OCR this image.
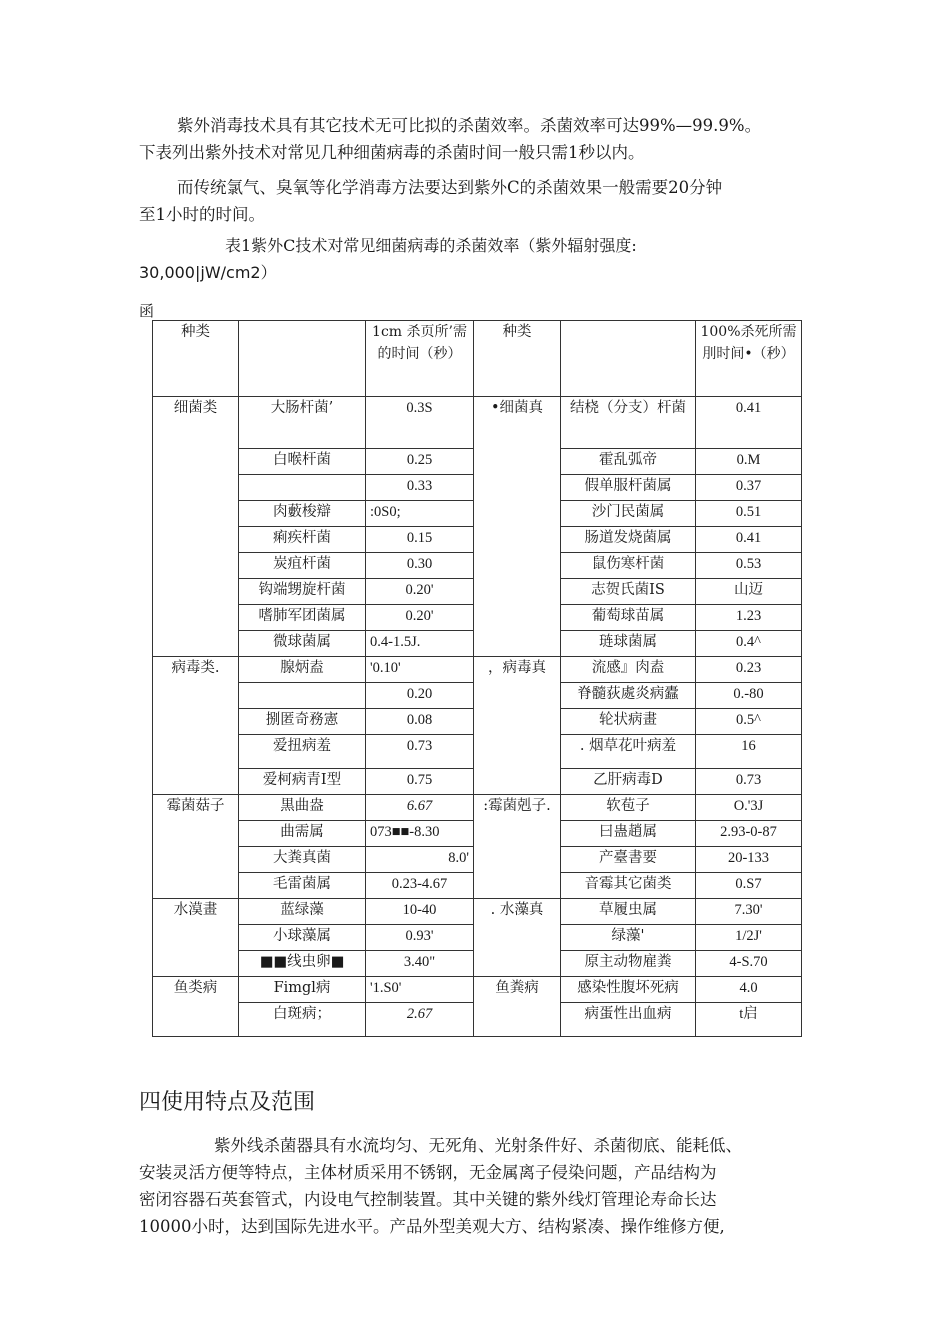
紫外消毒技术具有其它技术无可比拟的杀菌效率。杀菌效率可达99%—99.9%。
下表列出紫外技术对常见几种细菌病毒的杀菌时间一般只需1秒以内。

而传统氯气、臭氧等化学消毒方法要达到紫外C的杀菌效果一般需要20分钟
至1小时的时间。

表1紫外C技术对常见细菌病毒的杀菌效率（紫外辐射强度:
30,000|jW/cm2）
函
种类		1cm 杀页所’需的时间（秒）	种类		100%杀死所需刖时间•（秒）
细菌类	大肠杆菌’	0.3S	•细菌真	结桡（分支）杆菌	0.41
	白喉杆菌	0.25		霍乱弧帝	0.M
		0.33		假单服杆菌属	0.37
	肉藪梭辯	:0S0;		沙门民菌属	0.51
	痢疾杆菌	0.15		肠道发烧菌属	0.41
	炭疽杆菌	0.30		鼠伤寒杆菌	0.53
	钩端甥旋杆菌	0.20'		志贺氏菌IS	山迈
	嗜肺军团菌属	0.20'		葡萄球苗属	1.23
	微球菌属	0.4-1.5J.		琏球菌属	0.4^
病毒类.	腺炳盍	'0.10'	，病毒真	流感』肉盍	0.23
		0.20		脊髓荻處炎病蠹	0.-80
	捌匿奇務憲	0.08		轮状病畫	0.5^
	爱扭病羞	0.73		. 烟草花叶病羞	16
	爱柯病青I型	0.75		乙肝病毒D	0.73
霉菌菇子	黒曲盎	6.67	:霉菌剋子.	软苞子	O.'3J
	曲需属	073■■-8.30		曰蛊趙属	2.93-0-87
	大粪真菌	8.0'		产臺書要	20-133
	毛雷菌属	0.23-4.67		音霉其它菌类	0.S7
水漠畫	蓝绿藻	10-40	. 水藻真	草履虫属	7.30'
	小球藻属	0.93'		绿藻'	1/2J'
	■■线虫卵■	3.40"		原主动物雇粪	4-S.70
鱼类病	Fimgl病	'1.S0'	鱼粪病	感染性腹坏死病	4.0
	白斑病；	2.67		病蛋性出血病	t启
四使用特点及范围
紫外线杀菌器具有水流均匀、无死角、光射条件好、杀菌彻底、能耗低、
安装灵活方便等特点，主体材质采用不锈钢，无金属离子侵染问题，产品结构为
密闭容器石英套管式，内设电气控制装置。其中关键的紫外线灯管理论寿命长达
10000小时，达到国际先进水平。产品外型美观大方、结构紧凑、操作维修方便,
